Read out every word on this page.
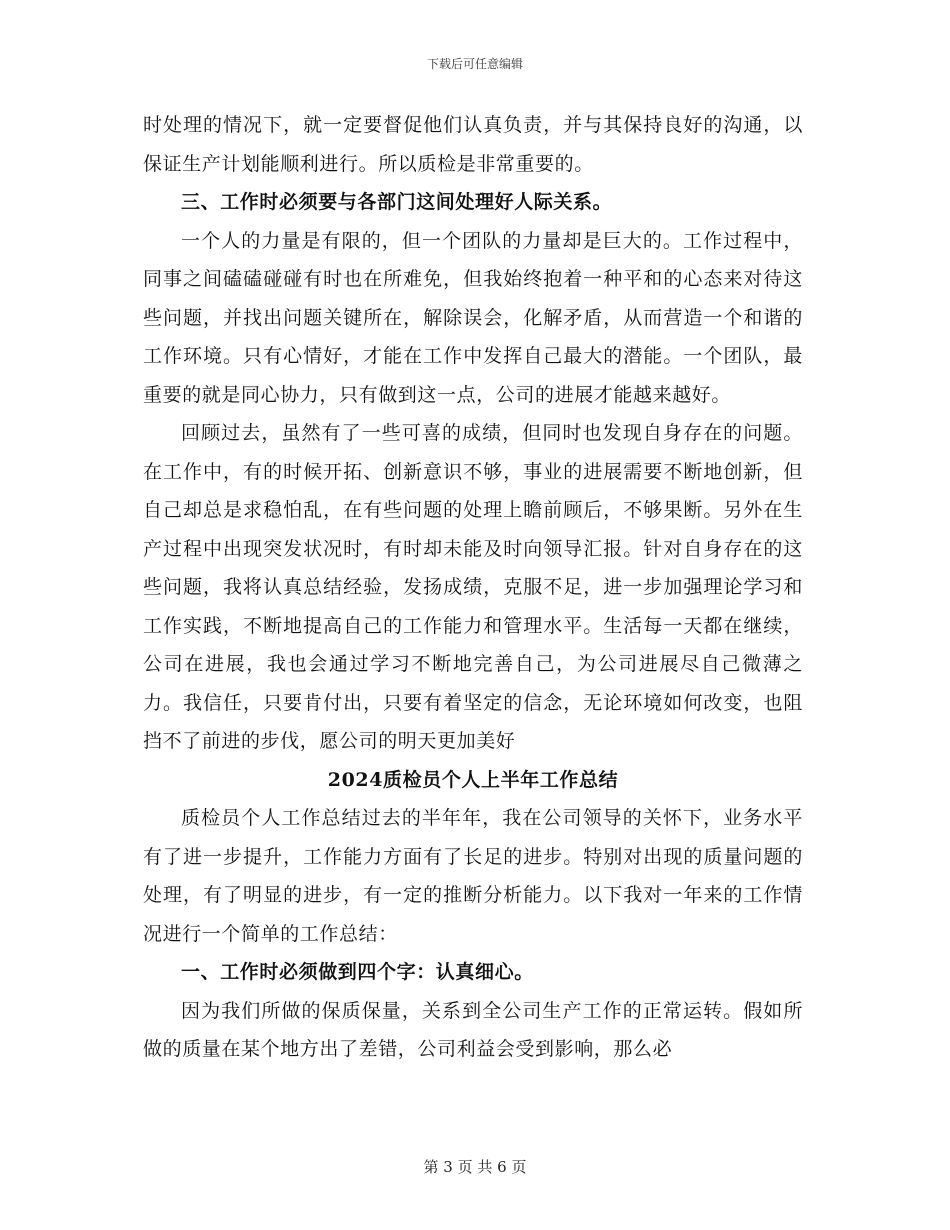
下载后可任意编辑

时处理的情况下，就一定要督促他们认真负责，并与其保持良好的沟通，以保证生产计划能顺利进行。所以质检是非常重要的。

三、工作时必须要与各部门这间处理好人际关系。

一个人的力量是有限的，但一个团队的力量却是巨大的。工作过程中，同事之间磕磕碰碰有时也在所难免，但我始终抱着一种平和的心态来对待这些问题，并找出问题关键所在，解除误会，化解矛盾，从而营造一个和谐的工作环境。只有心情好，才能在工作中发挥自己最大的潜能。一个团队，最重要的就是同心协力，只有做到这一点，公司的进展才能越来越好。

回顾过去，虽然有了一些可喜的成绩，但同时也发现自身存在的问题。在工作中，有的时候开拓、创新意识不够，事业的进展需要不断地创新，但自己却总是求稳怕乱，在有些问题的处理上瞻前顾后，不够果断。另外在生产过程中出现突发状况时，有时却未能及时向领导汇报。针对自身存在的这些问题，我将认真总结经验，发扬成绩，克服不足，进一步加强理论学习和工作实践，不断地提高自己的工作能力和管理水平。生活每一天都在继续，公司在进展，我也会通过学习不断地完善自己，为公司进展尽自己微薄之力。我信任，只要肯付出，只要有着坚定的信念，无论环境如何改变，也阻挡不了前进的步伐，愿公司的明天更加美好

2024质检员个人上半年工作总结

质检员个人工作总结过去的半年年，我在公司领导的关怀下，业务水平有了进一步提升，工作能力方面有了长足的进步。特别对出现的质量问题的处理，有了明显的进步，有一定的推断分析能力。以下我对一年来的工作情况进行一个简单的工作总结：

一、工作时必须做到四个字：认真细心。

因为我们所做的保质保量，关系到全公司生产工作的正常运转。假如所做的质量在某个地方出了差错，公司利益会受到影响，那么必

第 3 页 共 6 页
